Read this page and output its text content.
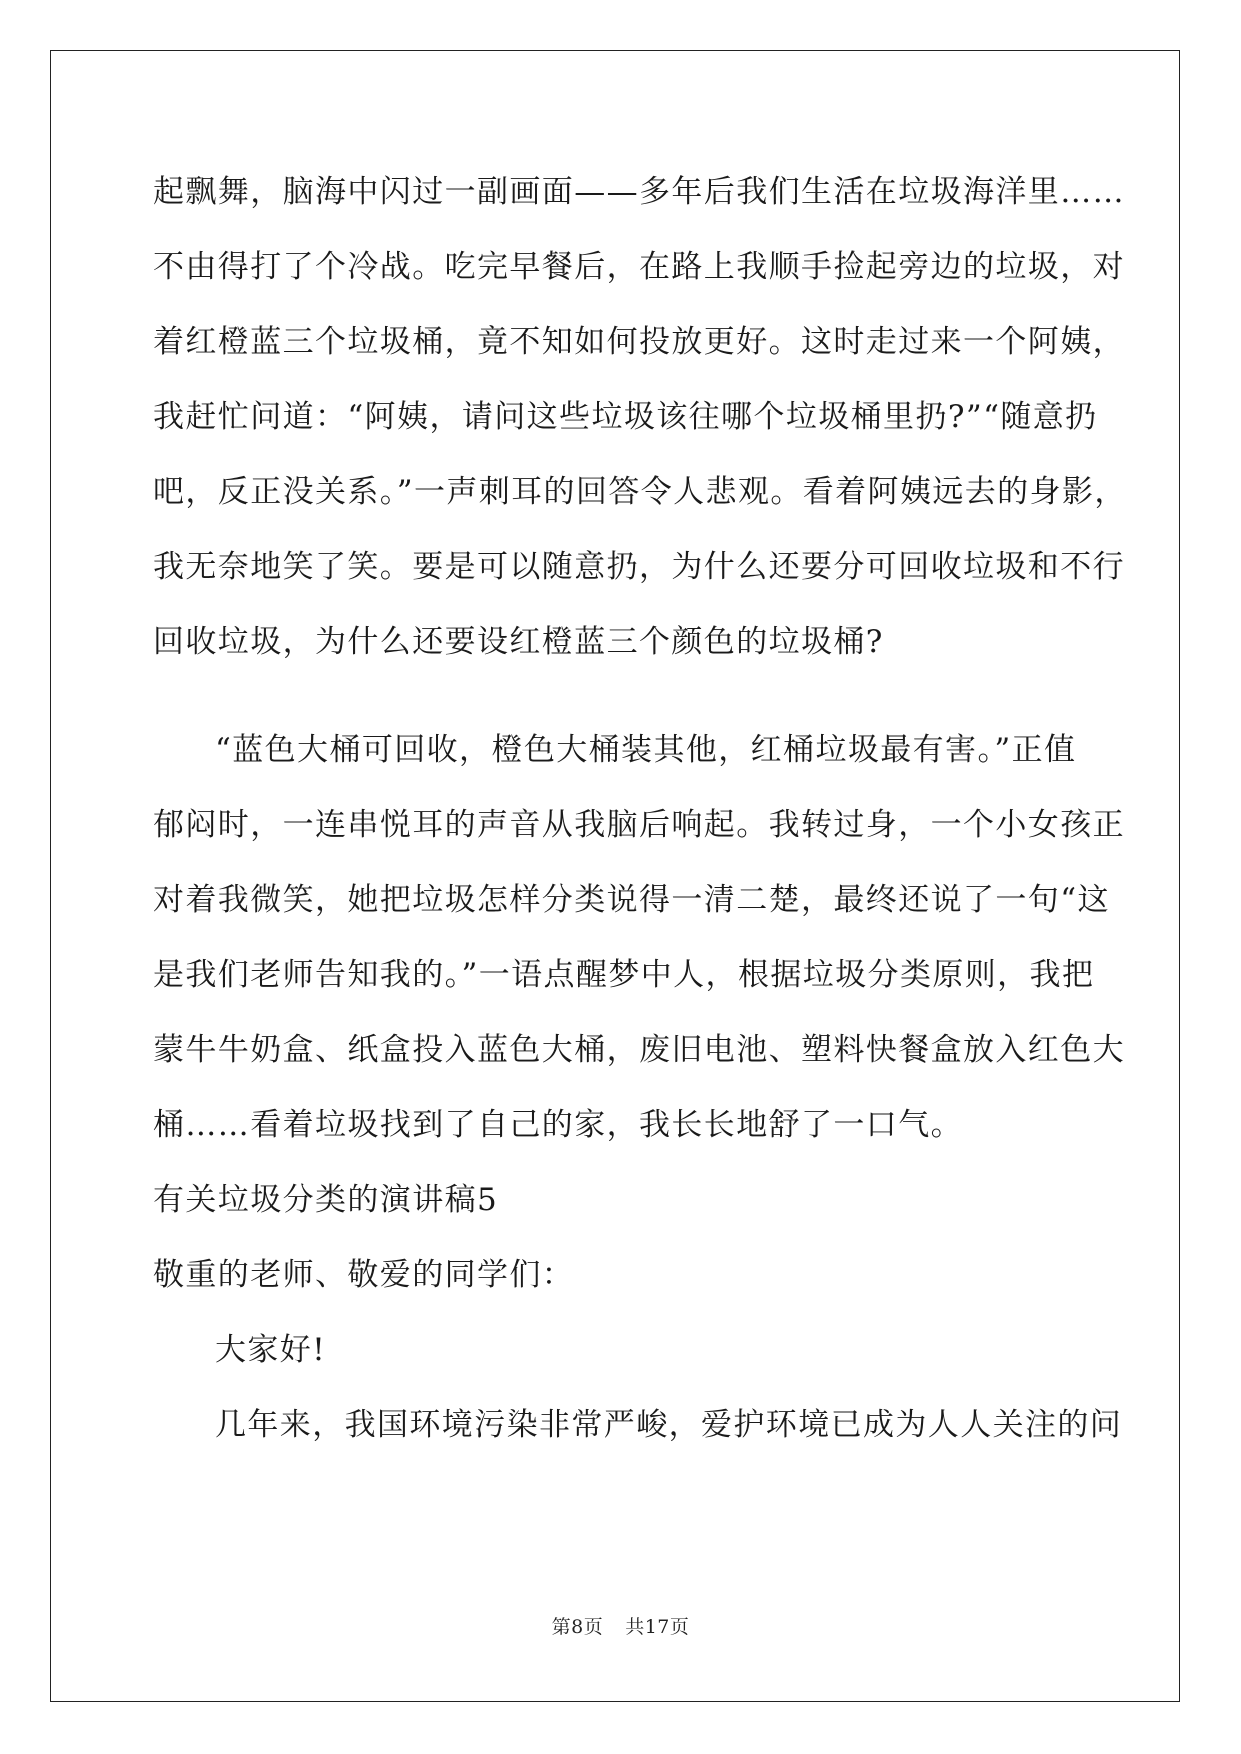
起飘舞，脑海中闪过一副画面——多年后我们生活在垃圾海洋里……
不由得打了个冷战。吃完早餐后，在路上我顺手捡起旁边的垃圾，对
着红橙蓝三个垃圾桶，竟不知如何投放更好。这时走过来一个阿姨，
我赶忙问道：“阿姨，请问这些垃圾该往哪个垃圾桶里扔?”“随意扔
吧，反正没关系。”一声刺耳的回答令人悲观。看着阿姨远去的身影，
我无奈地笑了笑。要是可以随意扔，为什么还要分可回收垃圾和不行
回收垃圾，为什么还要设红橙蓝三个颜色的垃圾桶?
“蓝色大桶可回收，橙色大桶装其他，红桶垃圾最有害。”正值
郁闷时，一连串悦耳的声音从我脑后响起。我转过身，一个小女孩正
对着我微笑，她把垃圾怎样分类说得一清二楚，最终还说了一句“这
是我们老师告知我的。”一语点醒梦中人，根据垃圾分类原则，我把
蒙牛牛奶盒、纸盒投入蓝色大桶，废旧电池、塑料快餐盒放入红色大
桶……看着垃圾找到了自己的家，我长长地舒了一口气。
有关垃圾分类的演讲稿5
敬重的老师、敬爱的同学们：
大家好!
几年来，我国环境污染非常严峻，爱护环境已成为人人关注的问
第8页 共17页
